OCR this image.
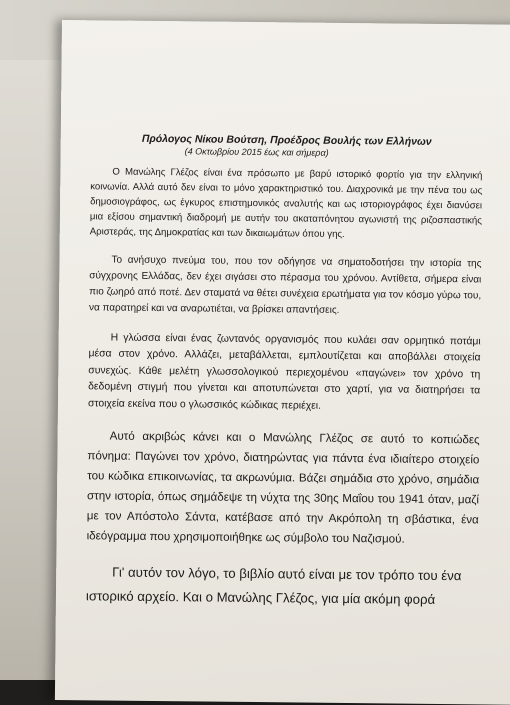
Πρόλογος Νίκου Βούτση, Προέδρος Βουλής των Ελλήνων
(4 Οκτωβρίου 2015 έως και σήμερα)

Ο Μανώλης Γλέζος είναι ένα πρόσωπο με βαρύ ιστορικό φορτίο για την ελληνική κοινωνία. Αλλά αυτό δεν είναι το μόνο χαρακτηριστικό του. Διαχρονικά με την πένα του ως δημοσιογράφος, ως έγκυρος επιστημονικός αναλυτής και ως ιστοριογράφος έχει διανύσει μια εξίσου σημαντική διαδρομή με αυτήν του ακαταπόνητου αγωνιστή της ριζοσπαστικής Αριστεράς, της Δημοκρατίας και των δικαιωμάτων όπου γης.

Το ανήσυχο πνεύμα του, που τον οδήγησε να σηματοδοτήσει την ιστορία της σύγχρονης Ελλάδας, δεν έχει σιγάσει στο πέρασμα του χρόνου. Αντίθετα, σήμερα είναι πιο ζωηρό από ποτέ. Δεν σταματά να θέτει συνέχεια ερωτήματα για τον κόσμο γύρω του, να παρατηρεί και να αναρωτιέται, να βρίσκει απαντήσεις.

Η γλώσσα είναι ένας ζωντανός οργανισμός που κυλάει σαν ορμητικό ποτάμι μέσα στον χρόνο. Αλλάζει, μεταβάλλεται, εμπλουτίζεται και αποβάλλει στοιχεία συνεχώς. Κάθε μελέτη γλωσσολογικού περιεχομένου «παγώνει» τον χρόνο τη δεδομένη στιγμή που γίνεται και αποτυπώνεται στο χαρτί, για να διατηρήσει τα στοιχεία εκείνα που ο γλωσσικός κώδικας περιέχει.

Αυτό ακριβώς κάνει και ο Μανώλης Γλέζος σε αυτό το κοπιώδες πόνημα: Παγώνει τον χρόνο, διατηρώντας για πάντα ένα ιδιαίτερο στοιχείο του κώδικα επικοινωνίας, τα ακρωνύμια. Βάζει σημάδια στο χρόνο, σημάδια στην ιστορία, όπως σημάδεψε τη νύχτα της 30ης Μαΐου του 1941 όταν, μαζί με τον Απόστολο Σάντα, κατέβασε από την Ακρόπολη τη σβάστικα, ένα ιδεόγραμμα που χρησιμοποιήθηκε ως σύμβολο του Ναζισμού.

Γι' αυτόν τον λόγο, το βιβλίο αυτό είναι με τον τρόπο του ένα
ιστορικό αρχείο. Και ο Μανώλης Γλέζος, για μία ακόμη φορά
